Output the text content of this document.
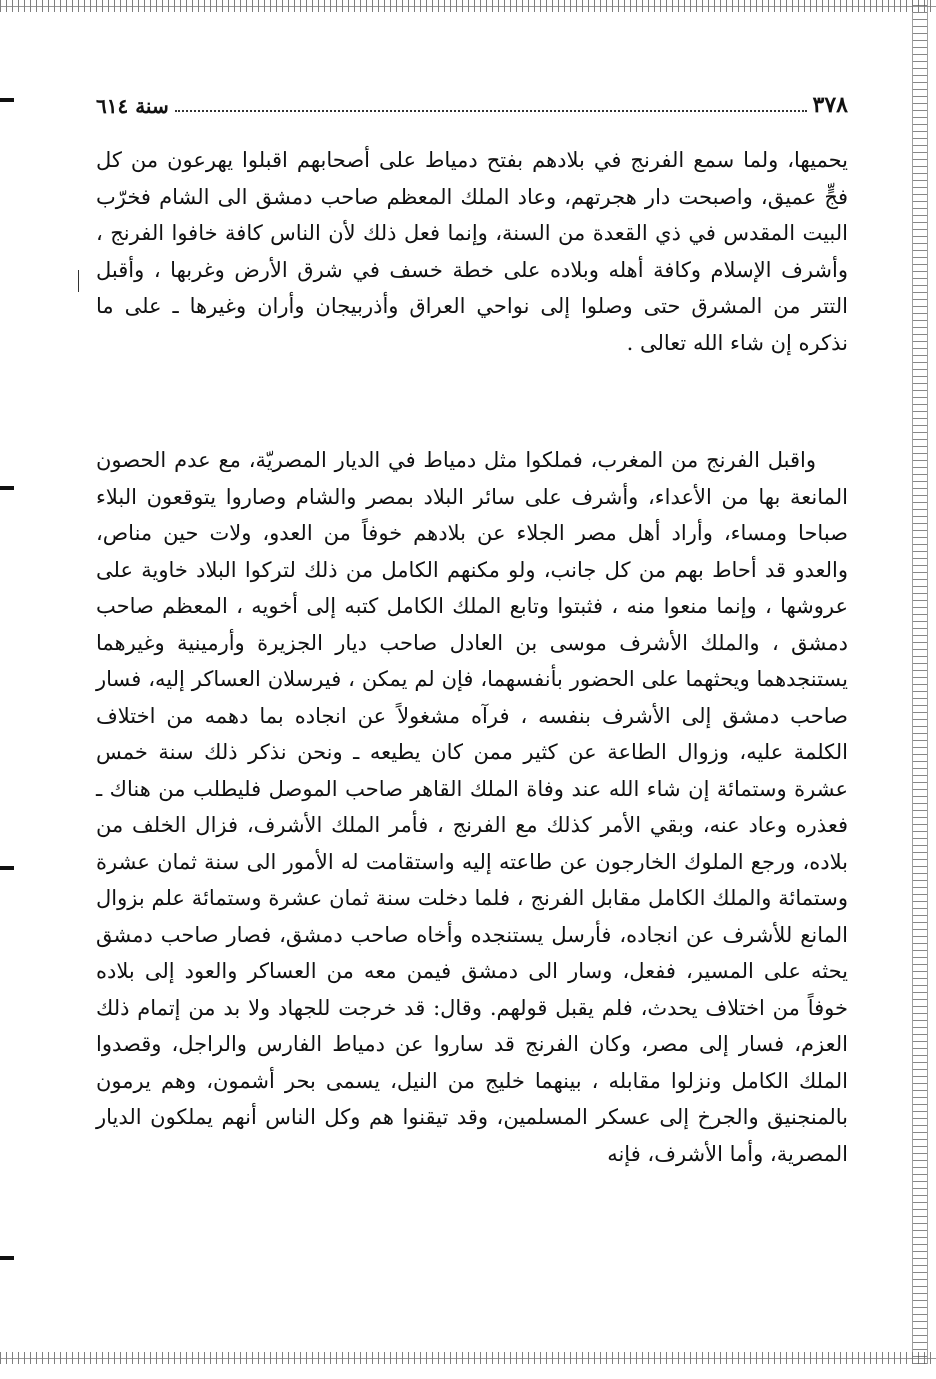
٣٧٨
سنة ٦١٤

يحميها، ولما سمع الفرنج في بلادهم بفتح دمياط على أصحابهم اقبلوا يهرعون من كل فجٍّ عميق، واصبحت دار هجرتهم، وعاد الملك المعظم صاحب دمشق الى الشام فخرّب البيت المقدس في ذي القعدة من السنة، وإنما فعل ذلك لأن الناس كافة خافوا الفرنج ، وأشرف الإسلام وكافة أهله وبلاده على خطة خسف في شرق الأرض وغربها ، وأقبل التتر من المشرق حتى وصلوا إلى نواحي العراق وأذربيجان وأران وغيرها ـ على ما نذكره إن شاء الله تعالى .

واقبل الفرنج من المغرب، فملكوا مثل دمياط في الديار المصريّة، مع عدم الحصون المانعة بها من الأعداء، وأشرف على سائر البلاد بمصر والشام وصاروا يتوقعون البلاء صباحا ومساء، وأراد أهل مصر الجلاء عن بلادهم خوفاً من العدو، ولات حين مناص، والعدو قد أحاط بهم من كل جانب، ولو مكنهم الكامل من ذلك لتركوا البلاد خاوية على عروشها ، وإنما منعوا منه ، فثبتوا وتابع الملك الكامل كتبه إلى أخويه ، المعظم صاحب دمشق ، والملك الأشرف موسى بن العادل صاحب ديار الجزيرة وأرمينية وغيرهما يستنجدهما ويحثهما على الحضور بأنفسهما، فإن لم يمكن ، فيرسلان العساكر إليه، فسار صاحب دمشق إلى الأشرف بنفسه ، فرآه مشغولاً عن انجاده بما دهمه من اختلاف الكلمة عليه، وزوال الطاعة عن كثير ممن كان يطيعه ـ ونحن نذكر ذلك سنة خمس عشرة وستمائة إن شاء الله عند وفاة الملك القاهر صاحب الموصل فليطلب من هناك ـ فعذره وعاد عنه، وبقي الأمر كذلك مع الفرنج ، فأمر الملك الأشرف، فزال الخلف من بلاده، ورجع الملوك الخارجون عن طاعته إليه واستقامت له الأمور الى سنة ثمان عشرة وستمائة والملك الكامل مقابل الفرنج ، فلما دخلت سنة ثمان عشرة وستمائة علم بزوال المانع للأشرف عن انجاده، فأرسل يستنجده وأخاه صاحب دمشق، فصار صاحب دمشق يحثه على المسير، ففعل، وسار الى دمشق فيمن معه من العساكر والعود إلى بلاده خوفاً من اختلاف يحدث، فلم يقبل قولهم. وقال: قد خرجت للجهاد ولا بد من إتمام ذلك العزم، فسار إلى مصر، وكان الفرنج قد ساروا عن دمياط الفارس والراجل، وقصدوا الملك الكامل ونزلوا مقابله ، بينهما خليج من النيل، يسمى بحر أشمون، وهم يرمون بالمنجنيق والجرخ إلى عسكر المسلمين، وقد تيقنوا هم وكل الناس أنهم يملكون الديار المصرية، وأما الأشرف، فإنه
